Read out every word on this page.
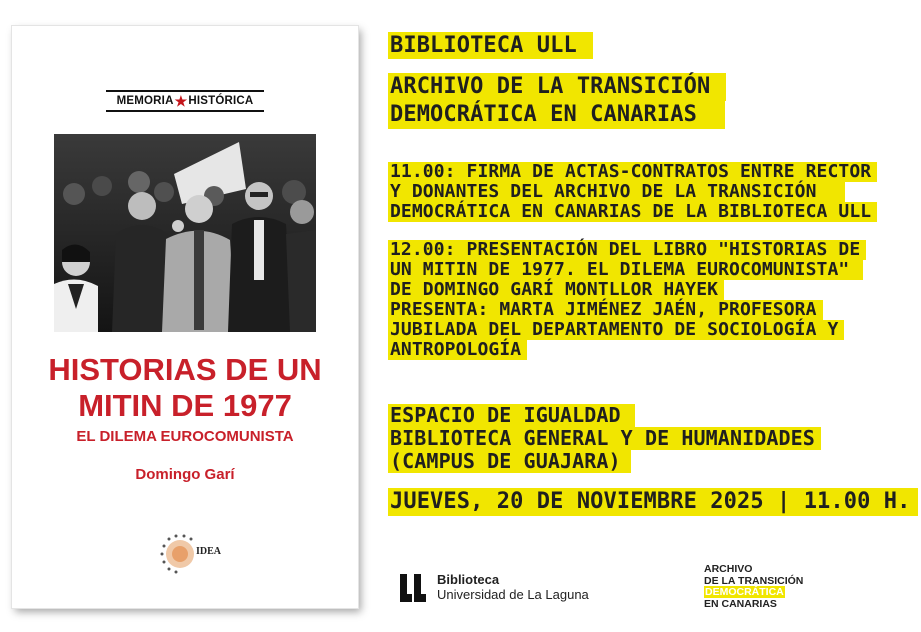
MEMORIA ★ HISTÓRICA
HISTORIAS DE UN
MITIN DE 1977
EL DILEMA EUROCOMUNISTA
Domingo Garí
IDEA
BIBLIOTECA ULL
ARCHIVO DE LA TRANSICIÓN
DEMOCRÁTICA EN CANARIAS
11.00: FIRMA DE ACTAS-CONTRATOS ENTRE RECTOR
Y DONANTES DEL ARCHIVO DE LA TRANSICIÓN
DEMOCRÁTICA EN CANARIAS DE LA BIBLIOTECA ULL
12.00: PRESENTACIÓN DEL LIBRO "HISTORIAS DE
UN MITIN DE 1977. EL DILEMA EUROCOMUNISTA"
DE DOMINGO GARÍ MONTLLOR HAYEK
PRESENTA: MARTA JIMÉNEZ JAÉN, PROFESORA
JUBILADA DEL DEPARTAMENTO DE SOCIOLOGÍA Y
ANTROPOLOGÍA
ESPACIO DE IGUALDAD
BIBLIOTECA GENERAL Y DE HUMANIDADES
(CAMPUS DE GUAJARA)
JUEVES, 20 DE NOVIEMBRE 2025 | 11.00 H.
Biblioteca
Universidad de La Laguna
ARCHIVO
DE LA TRANSICIÓN
DEMOCRÁTICA
EN CANARIAS
